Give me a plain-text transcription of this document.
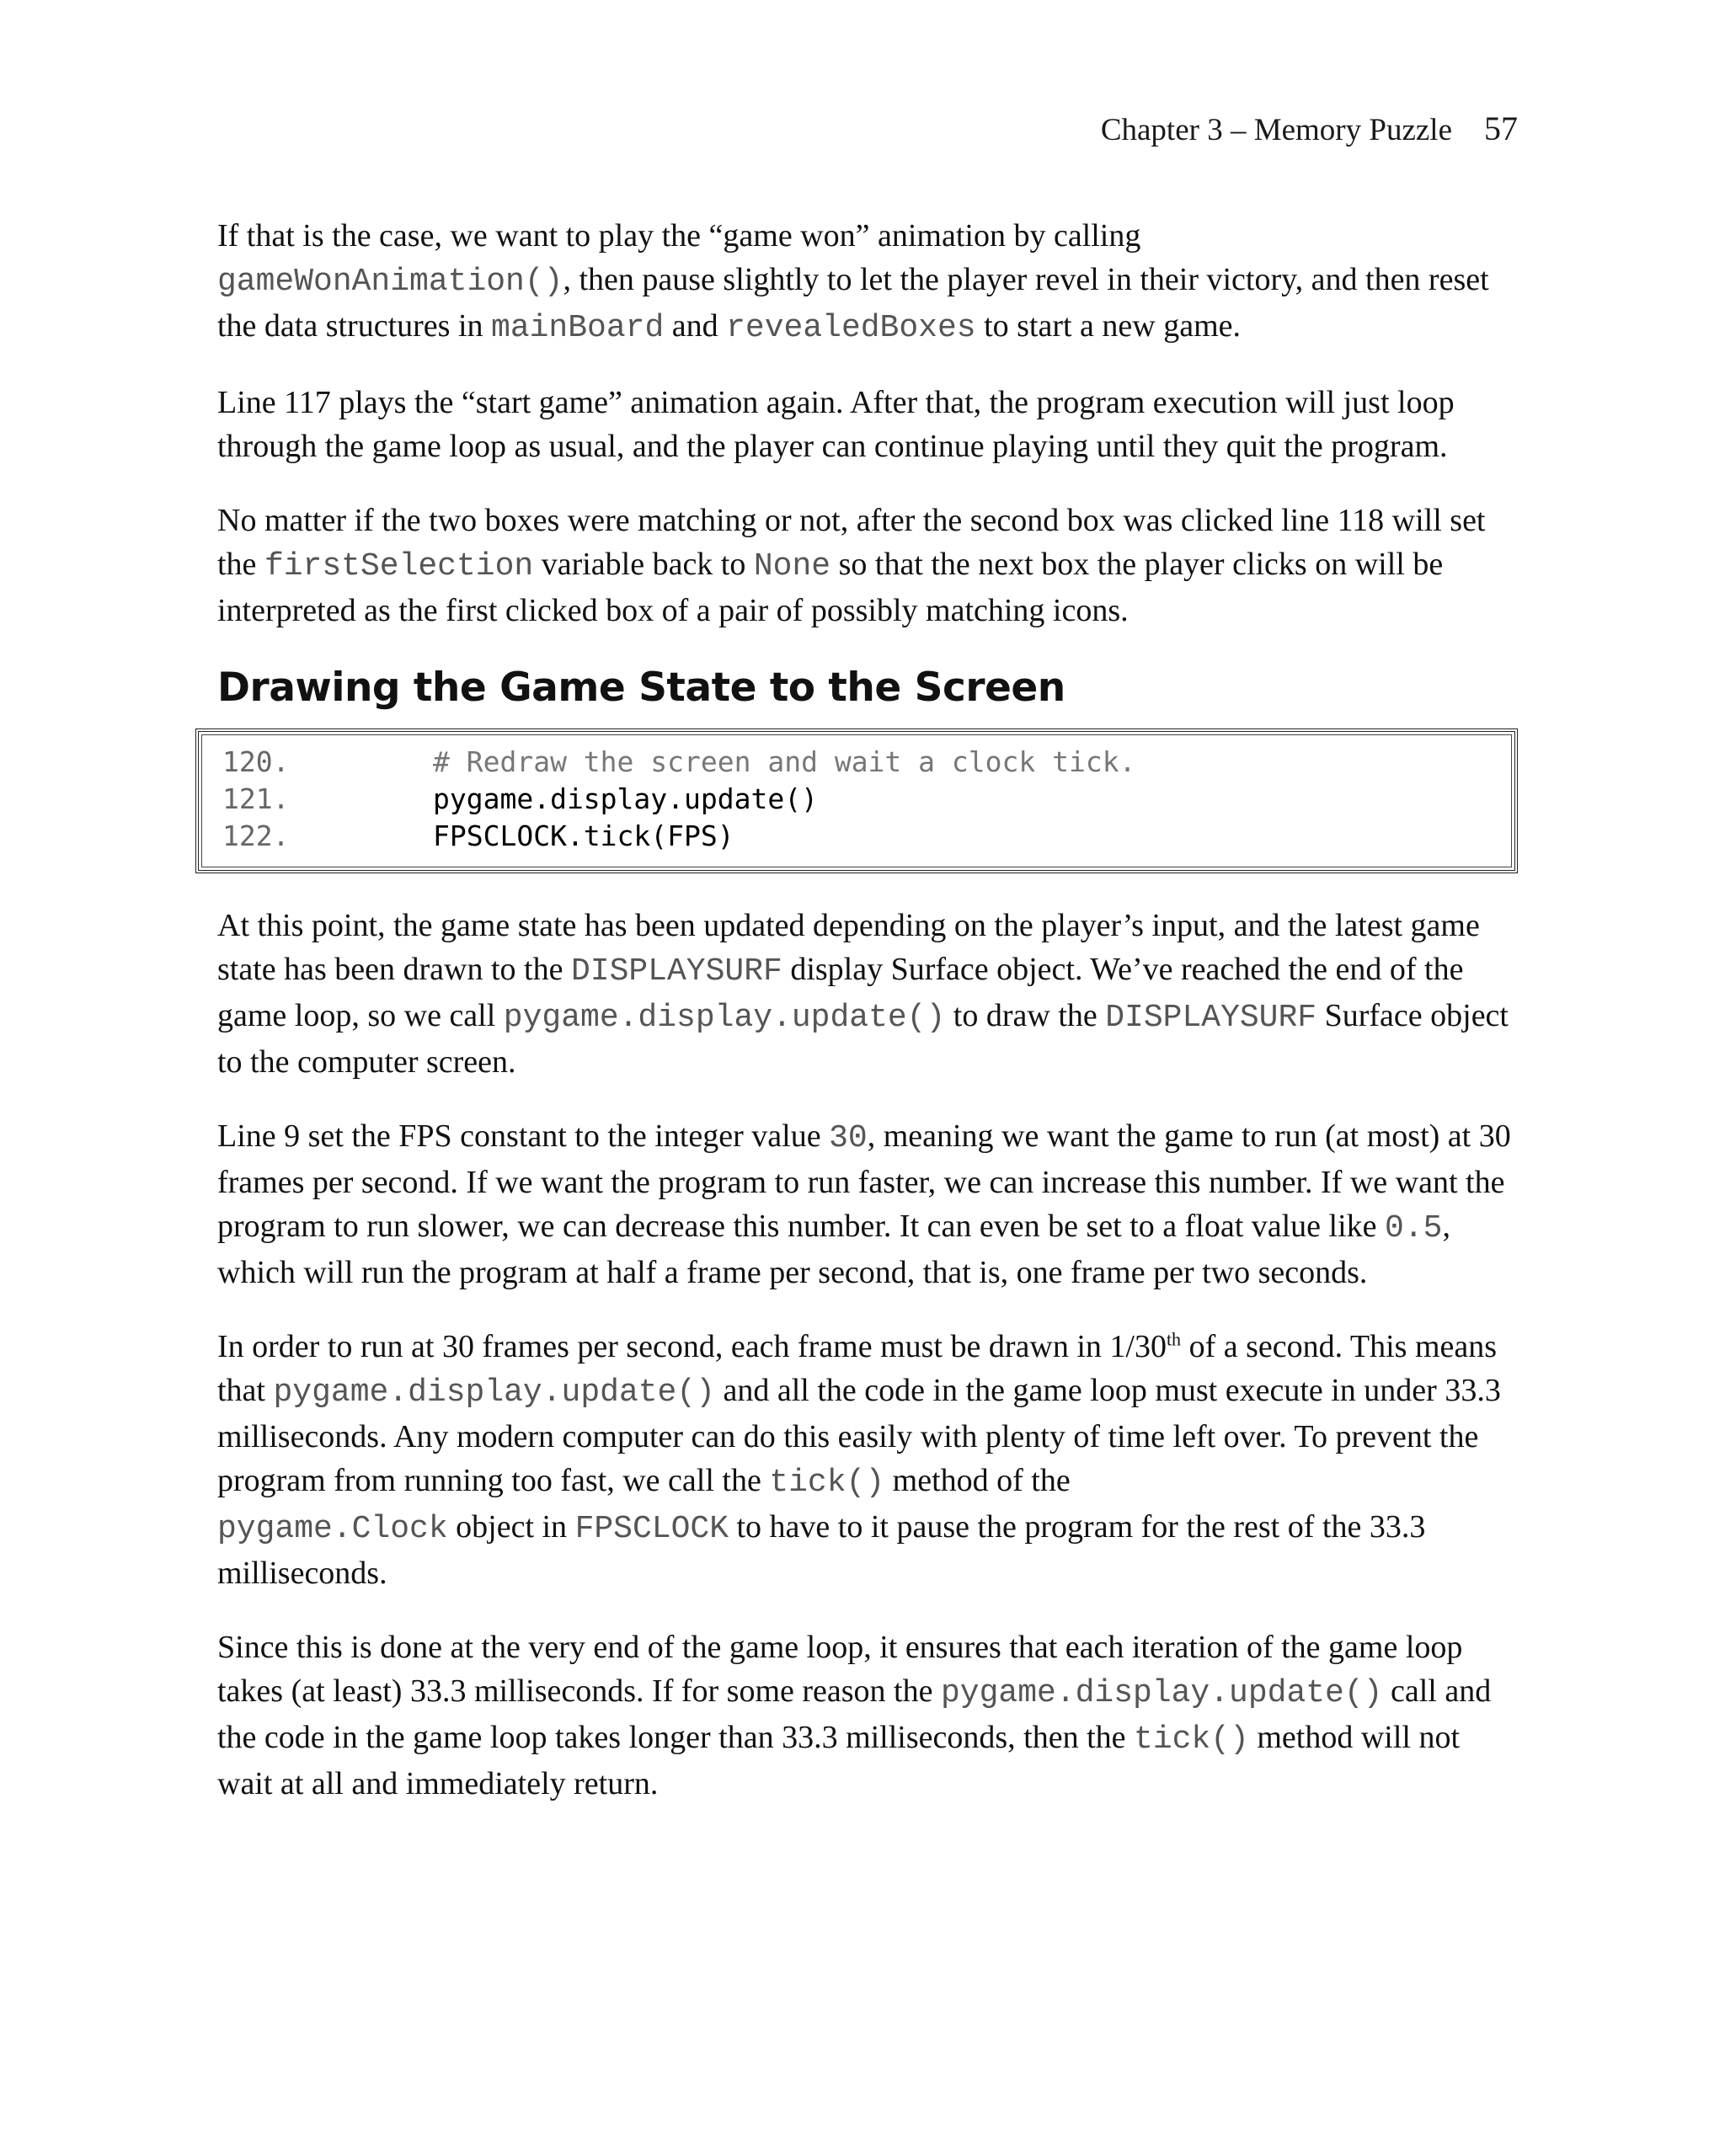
Chapter 3 – Memory Puzzle 57

If that is the case, we want to play the “game won” animation by calling
gameWonAnimation(), then pause slightly to let the player revel in their victory, and then reset the data structures in mainBoard and revealedBoxes to start a new game.

Line 117 plays the “start game” animation again. After that, the program execution will just loop through the game loop as usual, and the player can continue playing until they quit the program.

No matter if the two boxes were matching or not, after the second box was clicked line 118 will set the firstSelection variable back to None so that the next box the player clicks on will be interpreted as the first clicked box of a pair of possibly matching icons.

Drawing the Game State to the Screen
120.	# Redraw the screen and wait a clock tick.
121.	pygame.display.update()
122.	FPSCLOCK.tick(FPS)

At this point, the game state has been updated depending on the player’s input, and the latest game state has been drawn to the DISPLAYSURF display Surface object. We’ve reached the end of the game loop, so we call pygame.display.update() to draw the DISPLAYSURF Surface object to the computer screen.

Line 9 set the FPS constant to the integer value 30, meaning we want the game to run (at most) at 30 frames per second. If we want the program to run faster, we can increase this number. If we want the program to run slower, we can decrease this number. It can even be set to a float value like 0.5, which will run the program at half a frame per second, that is, one frame per two seconds.

In order to run at 30 frames per second, each frame must be drawn in 1/30th of a second. This means that pygame.display.update() and all the code in the game loop must execute in under 33.3 milliseconds. Any modern computer can do this easily with plenty of time left over. To prevent the program from running too fast, we call the tick() method of the
pygame.Clock object in FPSCLOCK to have to it pause the program for the rest of the 33.3 milliseconds.

Since this is done at the very end of the game loop, it ensures that each iteration of the game loop takes (at least) 33.3 milliseconds. If for some reason the pygame.display.update() call and the code in the game loop takes longer than 33.3 milliseconds, then the tick() method will not wait at all and immediately return.
